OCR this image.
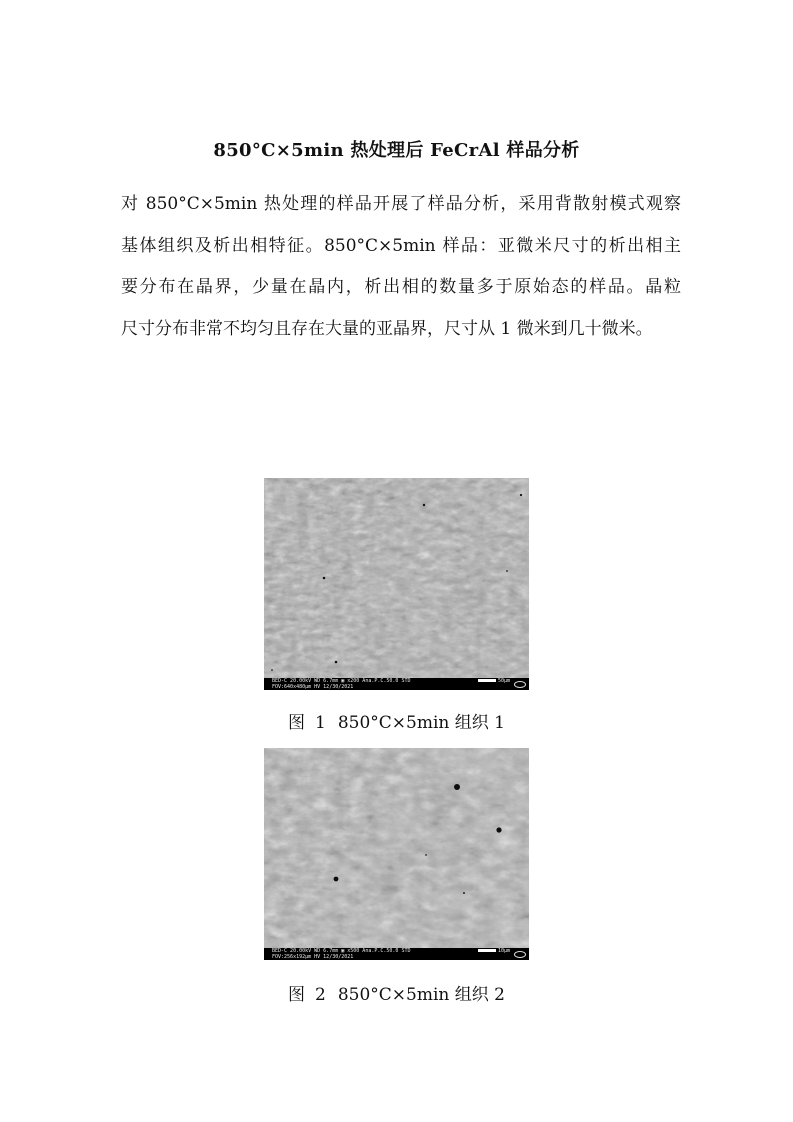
850°C×5min 热处理后 FeCrAl 样品分析
对 850°C×5min 热处理的样品开展了样品分析，采用背散射模式观察
基体组织及析出相特征。850°C×5min 样品：亚微米尺寸的析出相主
要分布在晶界，少量在晶内，析出相的数量多于原始态的样品。晶粒
尺寸分布非常不均匀且存在大量的亚晶界，尺寸从 1 微米到几十微米。
BED-C 20.00kV WD 6.7mm ▣ x200 Ana.P.C.50.0 STD
FOV:640x480μm HV 12/30/2021
50μm
图 1 850°C×5min 组织 1
BED-C 20.00kV WD 6.7mm ▣ x500 Ana.P.C.50.0 STD
FOV:256x192μm HV 12/30/2021
10μm
图 2 850°C×5min 组织 2
